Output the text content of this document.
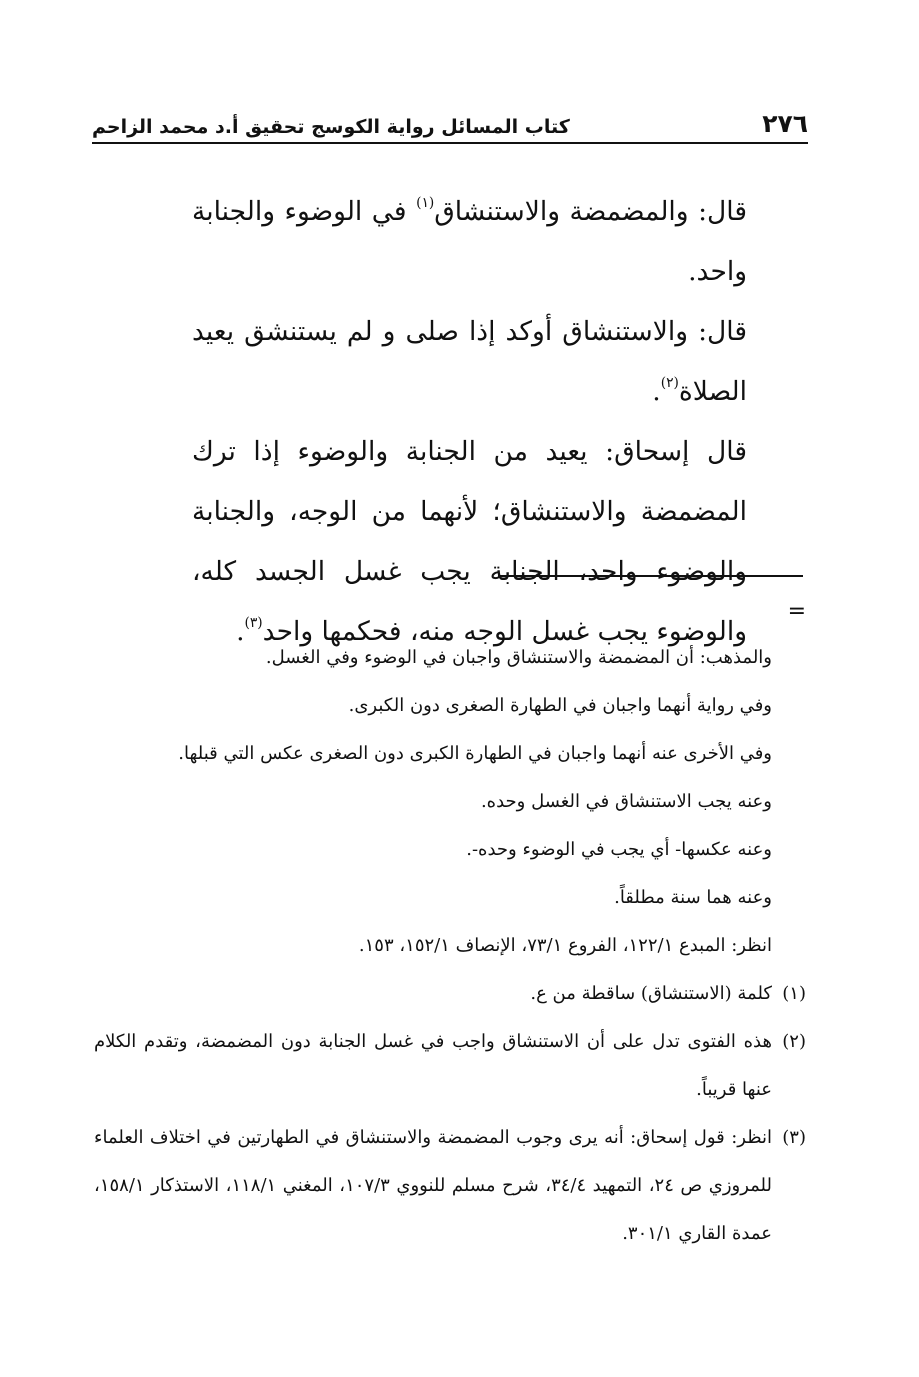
٢٧٦
كتاب المسائل رواية الكوسج تحقيق أ.د محمد الزاحم

قال: والمضمضة والاستنشاق$^{(١)}$ في الوضوء والجنابة واحد.

قال: والاستنشاق أوكد إذا صلى و لم يستنشق يعيد الصلاة$^{(٢)}$.

قال إسحاق: يعيد من الجنابة والوضوء إذا ترك المضمضة والاستنشاق؛ لأنهما من الوجه، والجنابة والوضوء واحد، الجنابة يجب غسل الجسد كله، والوضوء يجب غسل الوجه منه، فحكمها واحد$^{(٣)}$.

=

والمذهب: أن المضمضة والاستنشاق واجبان في الوضوء وفي الغسل.

وفي رواية أنهما واجبان في الطهارة الصغرى دون الكبرى.

وفي الأخرى عنه أنهما واجبان في الطهارة الكبرى دون الصغرى عكس التي قبلها.

وعنه يجب الاستنشاق في الغسل وحده.

وعنه عكسها- أي يجب في الوضوء وحده-.

وعنه هما سنة مطلقاً.

انظر: المبدع ١٢٢/١، الفروع ٧٣/١، الإنصاف ١٥٢/١، ١٥٣.

(١)
كلمة (الاستنشاق) ساقطة من ع.
(٢)
هذه الفتوى تدل على أن الاستنشاق واجب في غسل الجنابة دون المضمضة، وتقدم الكلام عنها قريباً.
(٣)
انظر: قول إسحاق: أنه يرى وجوب المضمضة والاستنشاق في الطهارتين في اختلاف العلماء للمروزي ص ٢٤، التمهيد ٣٤/٤، شرح مسلم للنووي ١٠٧/٣، المغني ١١٨/١، الاستذكار ١٥٨/١، عمدة القاري ٣٠١/١.
